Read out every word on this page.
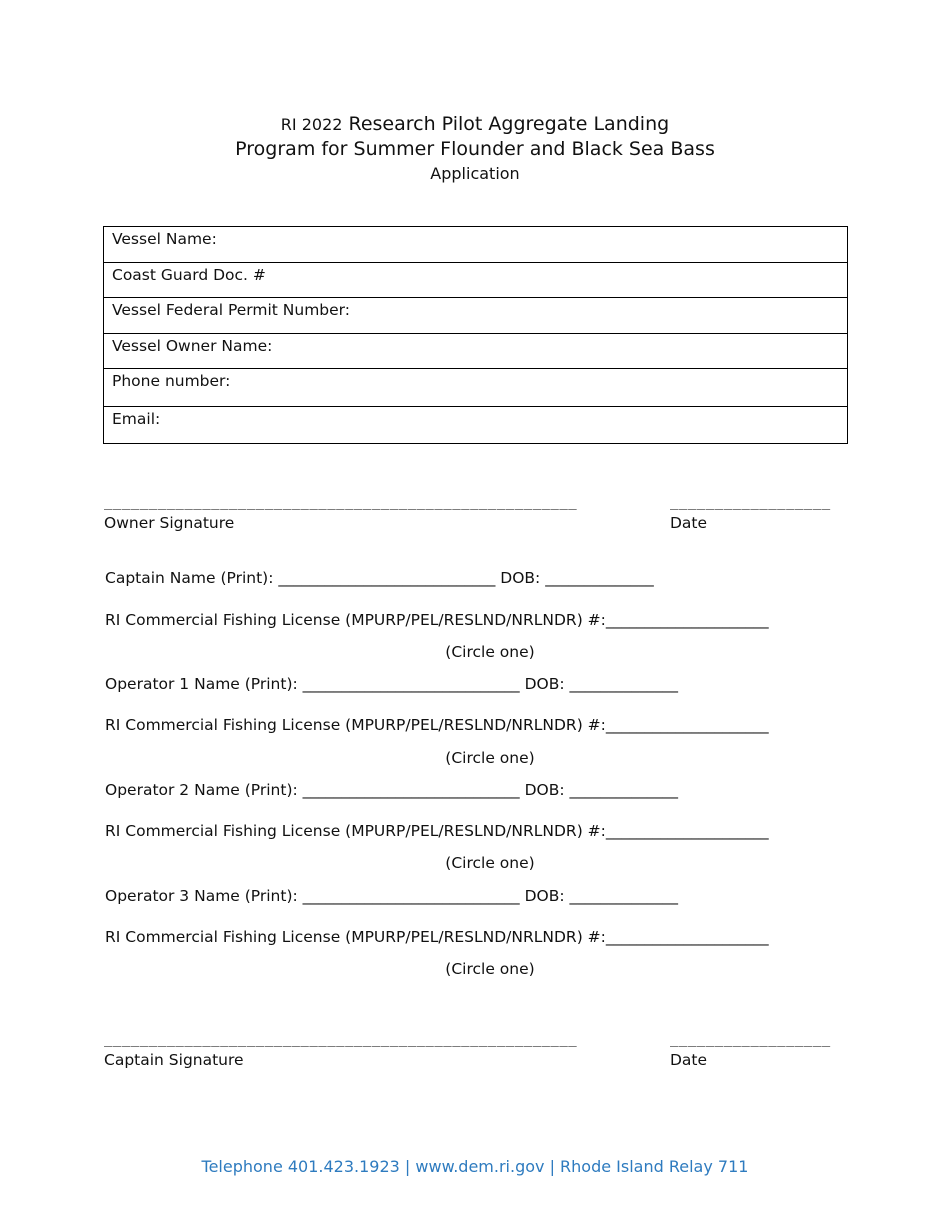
RI 2022 Research Pilot Aggregate Landing
Program for Summer Flounder and Black Sea Bass
Application
Vessel Name:
Coast Guard Doc. #
Vessel Federal Permit Number:
Vessel Owner Name:
Phone number:
Email:
_____________________________________________________	__________________
Owner Signature	Date
Captain Name (Print): ____________________________ DOB: ______________
RI Commercial Fishing License (MPURP/PEL/RESLND/NRLNDR) #:_____________________
(Circle one)
Operator 1 Name (Print): ____________________________ DOB: ______________
RI Commercial Fishing License (MPURP/PEL/RESLND/NRLNDR) #:_____________________
(Circle one)
Operator 2 Name (Print): ____________________________ DOB: ______________
RI Commercial Fishing License (MPURP/PEL/RESLND/NRLNDR) #:_____________________
(Circle one)
Operator 3 Name (Print): ____________________________ DOB: ______________
RI Commercial Fishing License (MPURP/PEL/RESLND/NRLNDR) #:_____________________
(Circle one)
_____________________________________________________	__________________
Captain Signature	Date
Telephone 401.423.1923 | www.dem.ri.gov | Rhode Island Relay 711
